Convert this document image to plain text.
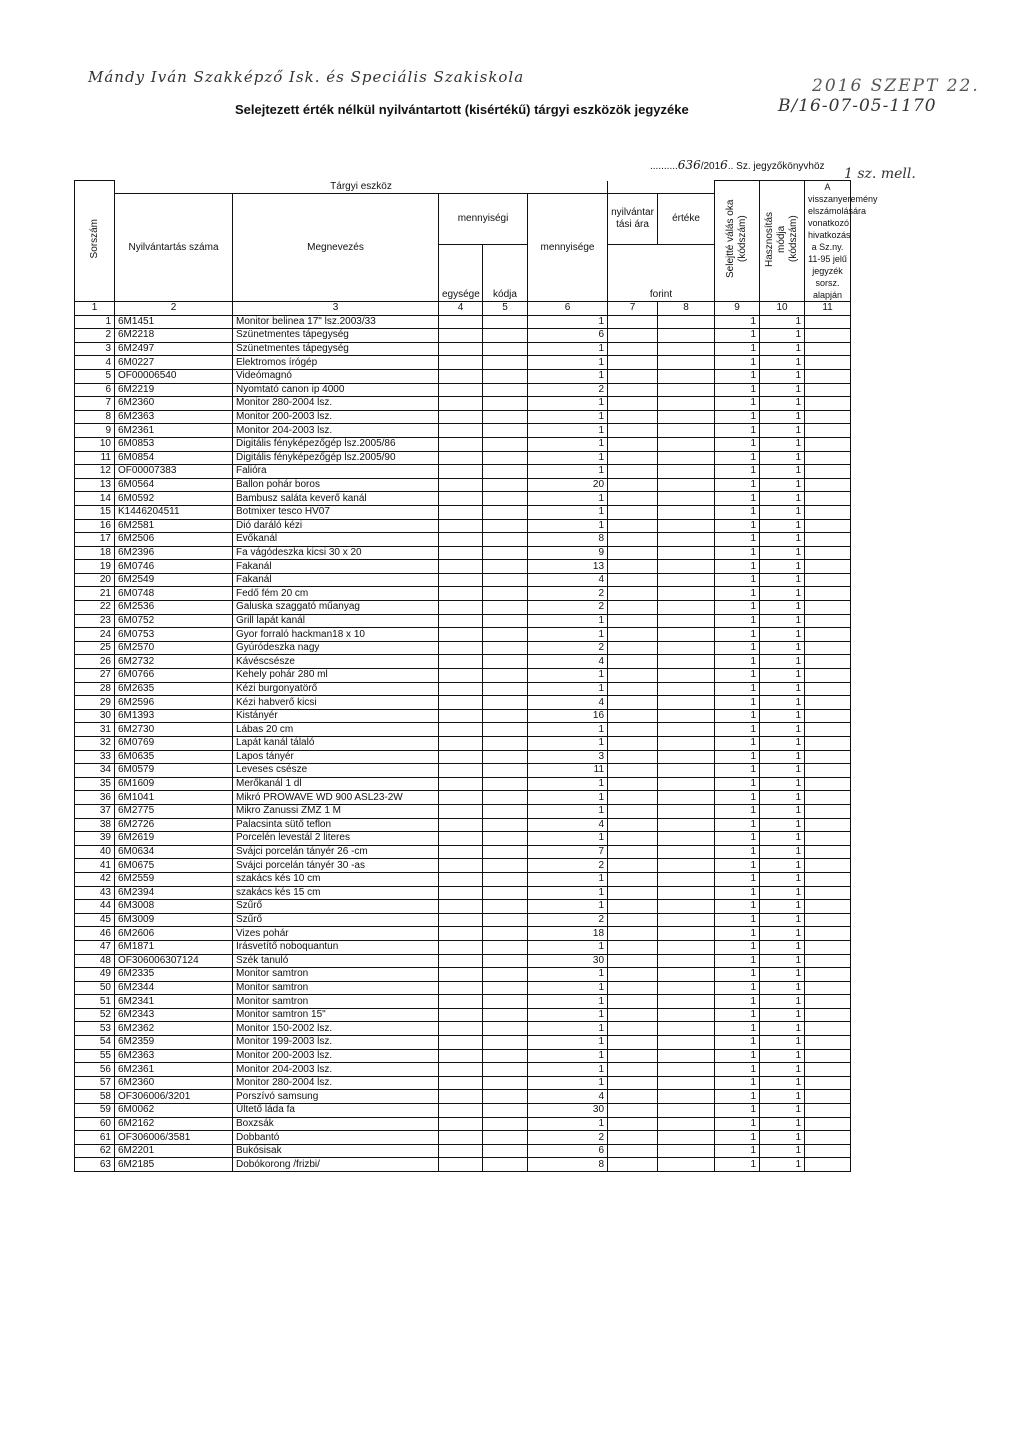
Mándy Iván Szakképző Isk. és Speciális Szakiskola	2016 SZEPT 22.
B/16-07-05-1170
Selejtezett érték nélkül nyilvántartott (kisértékű) tárgyi eszközök jegyzéke
..........636/2016.. Sz. jegyzőkönyvhöz 1 sz. mell.
Sorszám	Tárgyi eszköz							Selejtté válás oka (kódszám)	Hasznosítás módja (kódszám)	A visszanyeremény elszámolására vonatkozó hivatkozás a Sz.ny. 11-95 jelű jegyzék sorsz. alapján
	Nyilvántartás száma	Megnevezés	mennyiségi		mennyisége	nyilvántar tási ára	értéke			
			egysége	kódja		forint				

1	2	3	4	5	6	7	8	9	10	11
1	6M1451	Monitor belinea 17" lsz.2003/33			1			1	1	
2	6M2218	Szünetmentes tápegység			6			1	1	
3	6M2497	Szünetmentes tápegység			1			1	1	
4	6M0227	Elektromos írógép			1			1	1	
5	OF00006540	Videómagnó			1			1	1	
6	6M2219	Nyomtató canon ip 4000			2			1	1	
7	6M2360	Monitor 280-2004 lsz.			1			1	1	
8	6M2363	Monitor 200-2003 lsz.			1			1	1	
9	6M2361	Monitor 204-2003 lsz.			1			1	1	
10	6M0853	Digitális fényképezőgép lsz.2005/86			1			1	1	
11	6M0854	Digitális fényképezőgép lsz.2005/90			1			1	1	
12	OF00007383	Falióra			1			1	1	
13	6M0564	Ballon pohár boros			20			1	1	
14	6M0592	Bambusz saláta keverő kanál			1			1	1	
15	K1446204511	Botmixer tesco HV07			1			1	1	
16	6M2581	Dió daráló kézi			1			1	1	
17	6M2506	Evőkanál			8			1	1	
18	6M2396	Fa vágódeszka kicsi 30 x 20			9			1	1	
19	6M0746	Fakanál			13			1	1	
20	6M2549	Fakanál			4			1	1	
21	6M0748	Fedő fém 20 cm			2			1	1	
22	6M2536	Galuska szaggató műanyag			2			1	1	
23	6M0752	Grill lapát kanál			1			1	1	
24	6M0753	Gyor forraló hackman18 x 10			1			1	1	
25	6M2570	Gyúródeszka nagy			2			1	1	
26	6M2732	Kávéscsésze			4			1	1	
27	6M0766	Kehely pohár 280 ml			1			1	1	
28	6M2635	Kézi burgonyatörő			1			1	1	
29	6M2596	Kézi habverő kicsi			4			1	1	
30	6M1393	Kistányér			16			1	1	
31	6M2730	Lábas 20 cm			1			1	1	
32	6M0769	Lapát kanál tálaló			1			1	1	
33	6M0635	Lapos tányér			3			1	1	
34	6M0579	Leveses csésze			11			1	1	
35	6M1609	Merőkanál 1 dl			1			1	1	
36	6M1041	Mikró PROWAVE WD 900 ASL23-2W			1			1	1	
37	6M2775	Mikro Zanussi ZMZ 1 M			1			1	1	
38	6M2726	Palacsinta sütő teflon			4			1	1	
39	6M2619	Porcelén levestál 2 literes			1			1	1	
40	6M0634	Svájci porcelán tányér 26 -cm			7			1	1	
41	6M0675	Svájci porcelán tányér 30 -as			2			1	1	
42	6M2559	szakács kés 10 cm			1			1	1	
43	6M2394	szakács kés 15 cm			1			1	1	
44	6M3008	Szűrő			1			1	1	
45	6M3009	Szűrő			2			1	1	
46	6M2606	Vizes pohár			18			1	1	
47	6M1871	Írásvetítő noboquantun			1			1	1	
48	OF306006307124	Szék tanuló			30			1	1	
49	6M2335	Monitor samtron			1			1	1	
50	6M2344	Monitor samtron			1			1	1	
51	6M2341	Monitor samtron			1			1	1	
52	6M2343	Monitor samtron 15"			1			1	1	
53	6M2362	Monitor 150-2002 lsz.			1			1	1	
54	6M2359	Monitor 199-2003 lsz.			1			1	1	
55	6M2363	Monitor 200-2003 lsz.			1			1	1	
56	6M2361	Monitor 204-2003 lsz.			1			1	1	
57	6M2360	Monitor 280-2004 lsz.			1			1	1	
58	OF306006/3201	Porszívó samsung			4			1	1	
59	6M0062	Ültető láda fa			30			1	1	
60	6M2162	Boxzsák			1			1	1	
61	OF306006/3581	Dobbantó			2			1	1	
62	6M2201	Bukósisak			6			1	1	
63	6M2185	Dobókorong /frizbi/			8			1	1	
